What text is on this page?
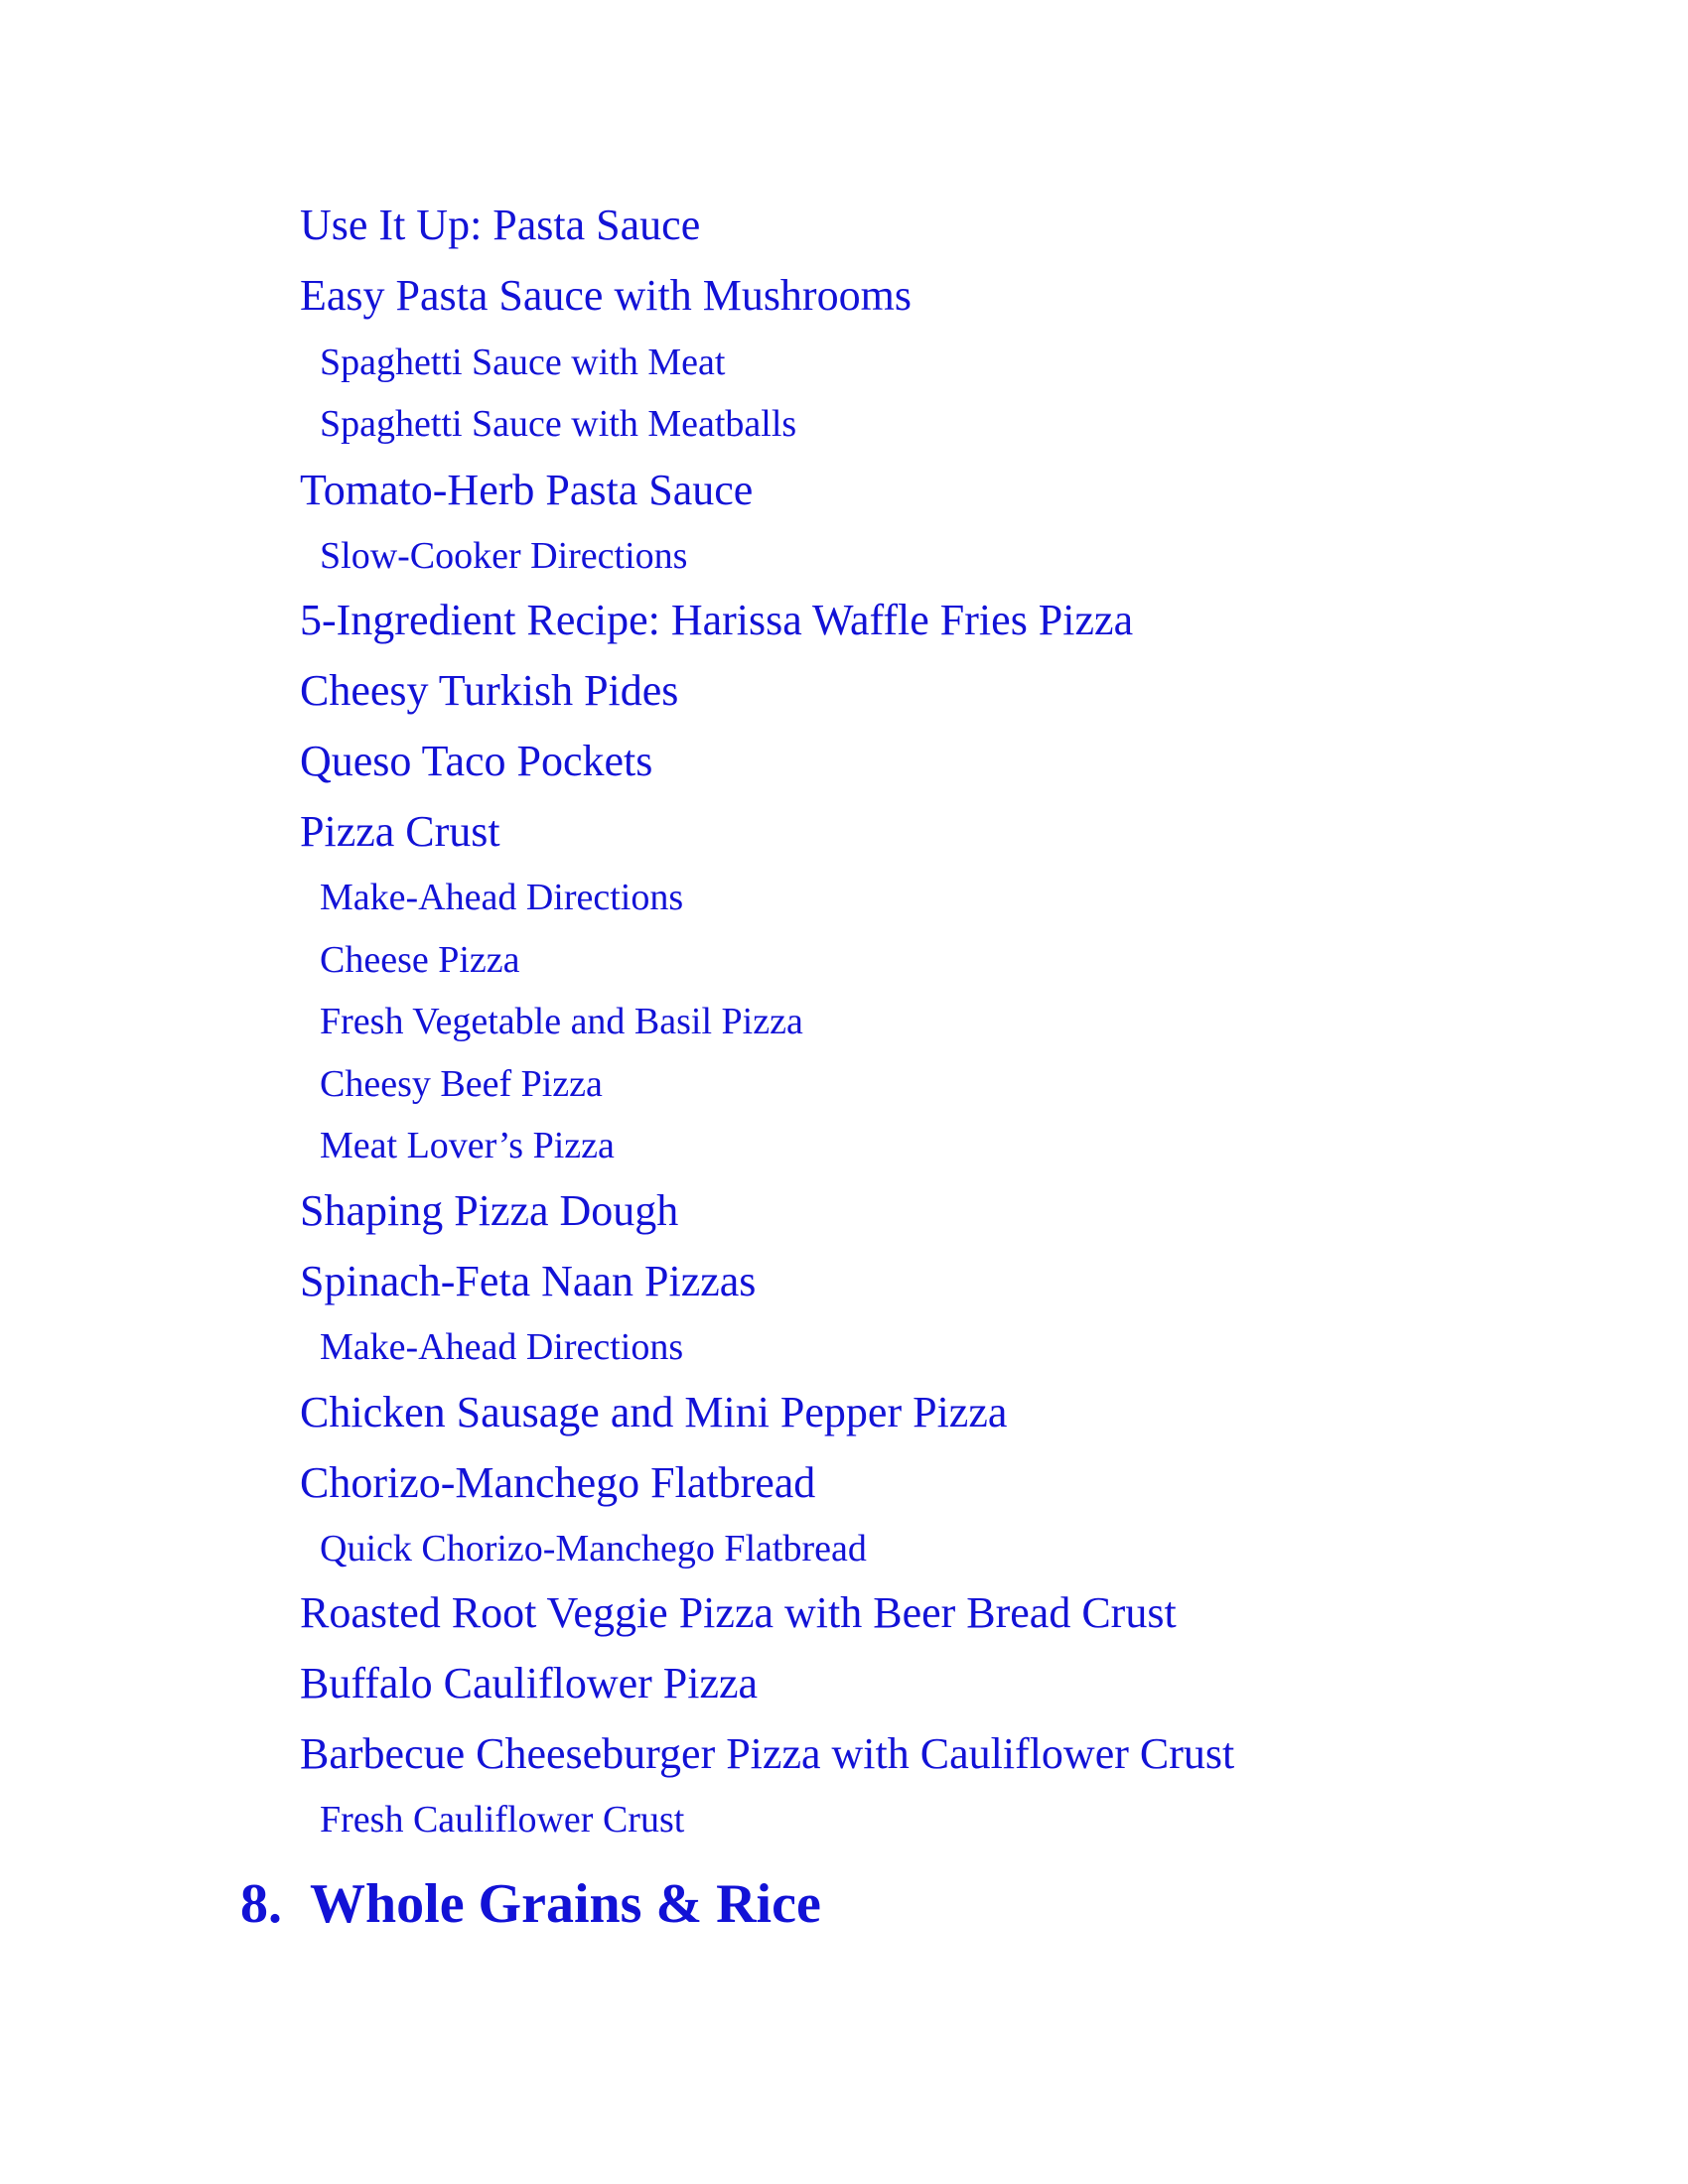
Use It Up: Pasta Sauce
Easy Pasta Sauce with Mushrooms
Spaghetti Sauce with Meat
Spaghetti Sauce with Meatballs
Tomato-Herb Pasta Sauce
Slow-Cooker Directions
5-Ingredient Recipe: Harissa Waffle Fries Pizza
Cheesy Turkish Pides
Queso Taco Pockets
Pizza Crust
Make-Ahead Directions
Cheese Pizza
Fresh Vegetable and Basil Pizza
Cheesy Beef Pizza
Meat Lover’s Pizza
Shaping Pizza Dough
Spinach-Feta Naan Pizzas
Make-Ahead Directions
Chicken Sausage and Mini Pepper Pizza
Chorizo-Manchego Flatbread
Quick Chorizo-Manchego Flatbread
Roasted Root Veggie Pizza with Beer Bread Crust
Buffalo Cauliflower Pizza
Barbecue Cheeseburger Pizza with Cauliflower Crust
Fresh Cauliflower Crust
8. Whole Grains & Rice
